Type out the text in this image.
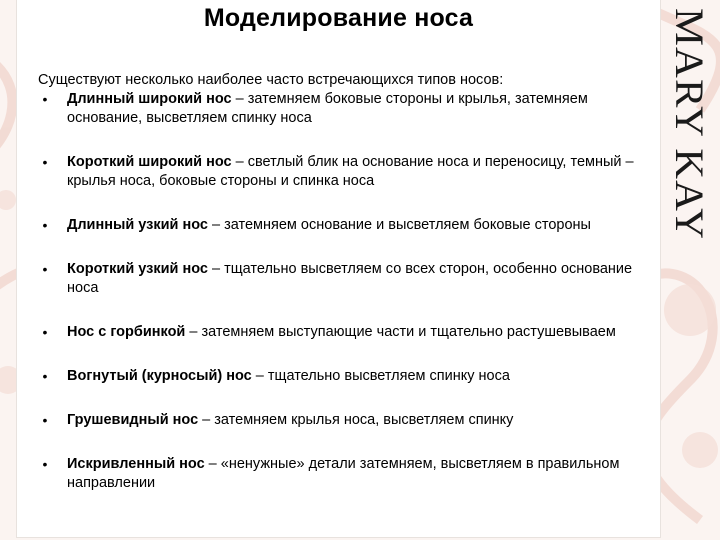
Моделирование носа

Существуют несколько наиболее часто встречающихся типов носов:

•	Длинный широкий нос – затемняем боковые стороны и крылья, затемняем основание, высветляем спинку носа
•	Короткий широкий нос – светлый блик на основание носа и переносицу, темный – крылья носа, боковые стороны и спинка носа
•	Длинный узкий нос – затемняем основание и высветляем боковые стороны
•	Короткий узкий нос – тщательно высветляем со всех сторон, особенно основание носа
•	Нос с горбинкой – затемняем выступающие части и тщательно растушевываем
•	Вогнутый (курносый) нос – тщательно высветляем спинку носа
•	Грушевидный нос – затемняем крылья носа, высветляем спинку
•	Искривленный нос – «ненужные» детали затемняем, высветляем в правильном направлении
MARY KAY
